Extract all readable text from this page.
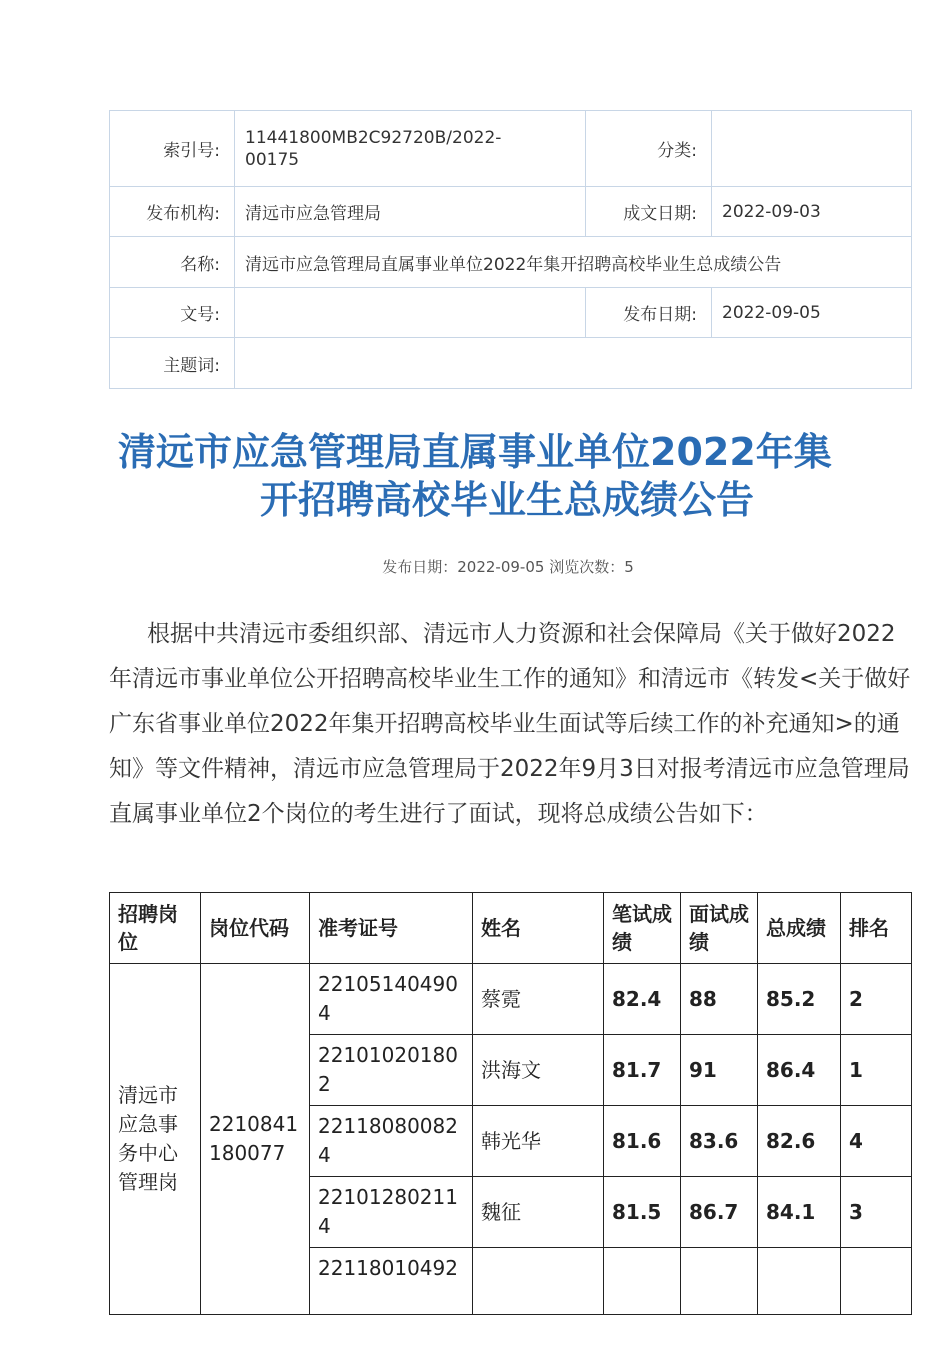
索引号:	11441800MB2C92720B/2022-
00175	分类:	
发布机构:	清远市应急管理局	成文日期:	2022-09-03
名称:	清远市应急管理局直属事业单位2022年集开招聘高校毕业生总成绩公告		
文号:		发布日期:	2022-09-05
主题词:			
清远市应急管理局直属事业单位2022年集
开招聘高校毕业生总成绩公告
发布日期：2022-09-05 浏览次数：5
根据中共清远市委组织部、清远市人力资源和社会保障局《关于做好2022年清远市事业单位公开招聘高校毕业生工作的通知》和清远市《转发<关于做好广东省事业单位2022年集开招聘高校毕业生面试等后续工作的补充通知>的通知》等文件精神，清远市应急管理局于2022年9月3日对报考清远市应急管理局直属事业单位2个岗位的考生进行了面试，现将总成绩公告如下：
招聘岗位	岗位代码	准考证号	姓名	笔试成绩	面试成绩	总成绩	排名
清远市应急事务中心管理岗	2210841180077	221051404904	蔡霓	82.4	88	85.2	2
		221010201802	洪海文	81.7	91	86.4	1
		221180800824	韩光华	81.6	83.6	82.6	4
		221012802114	魏征	81.5	86.7	84.1	3
		22118010492					
